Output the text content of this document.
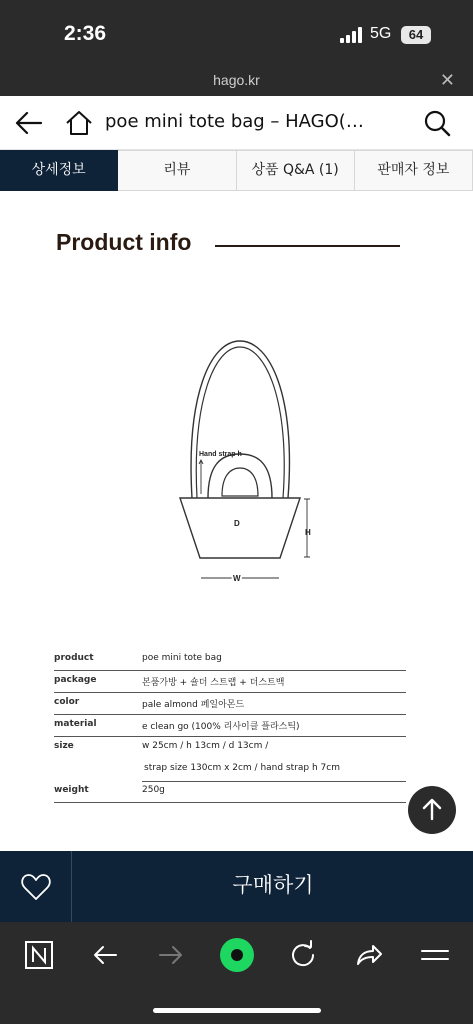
2:36	5G	64
hago.kr	✕
poe mini tote bag – HAGO(…
상세정보	리뷰	상품 Q&A (1)	판매자 정보
Product info
Hand strap h
D
H
W
product	poe mini tote bag
package	본품가방 + 숄더 스트랩 + 더스트백
color	pale almond 페일아몬드
material	e clean go (100% 리사이클 플라스틱)
size	w 25cm / h 13cm / d 13cm /
strap size 130cm x 2cm / hand strap h 7cm
weight	250g
구매하기
